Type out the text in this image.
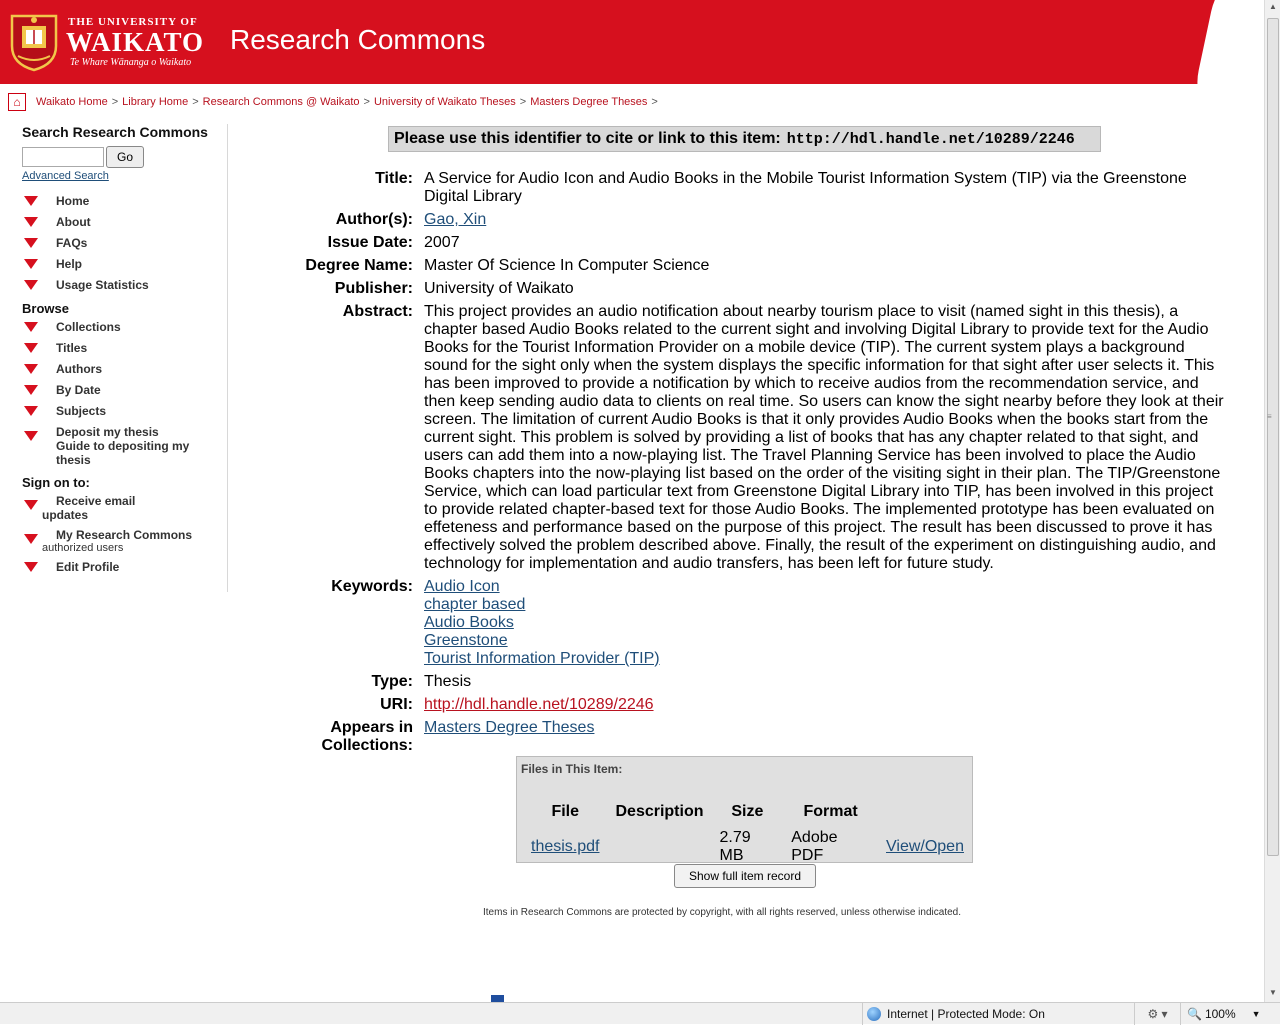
THE UNIVERSITY OF
WAIKATO
Te Whare Wānanga o Waikato
Research Commons
▲
≡
▼
⌂	Waikato Home > Library Home > Research Commons @ Waikato > University of Waikato Theses > Masters Degree Theses >
Search Research Commons
Go
Advanced Search
Home
About
FAQs
Help
Usage Statistics
Browse
Collections
Titles
Authors
By Date
Subjects
Deposit my thesis
Guide to depositing my thesis
Sign on to:
Receive email
updates
My Research Commons
authorized users
Edit Profile
Please use this identifier to cite or link to this item: http://hdl.handle.net/10289/2246
Title: A Service for Audio Icon and Audio Books in the Mobile Tourist Information System (TIP) via the Greenstone Digital Library
Author(s): Gao, Xin
Issue Date: 2007
Degree Name: Master Of Science In Computer Science
Publisher: University of Waikato
Abstract: This project provides an audio notification about nearby tourism place to visit (named sight in this thesis), a chapter based Audio Books related to the current sight and involving Digital Library to provide text for the Audio Books for the Tourist Information Provider on a mobile device (TIP). The current system plays a background sound for the sight only when the system displays the specific information for that sight after user selects it. This has been improved to provide a notification by which to receive audios from the recommendation service, and then keep sending audio data to clients on real time. So users can know the sight nearby before they look at their screen. The limitation of current Audio Books is that it only provides Audio Books when the books start from the current sight. This problem is solved by providing a list of books that has any chapter related to that sight, and users can add them into a now-playing list. The Travel Planning Service has been involved to place the Audio Books chapters into the now-playing list based on the order of the visiting sight in their plan. The TIP/Greenstone Service, which can load particular text from Greenstone Digital Library into TIP, has been involved in this project to provide related chapter-based text for those Audio Books. The implemented prototype has been evaluated on effeteness and performance based on the purpose of this project. The result has been discussed to prove it has effectively solved the problem described above. Finally, the result of the experiment on distinguishing audio, and technology for implementation and audio transfers, has been left for future study.
Keywords: Audio Icon
chapter based
Audio Books
Greenstone
Tourist Information Provider (TIP)
Type: Thesis
URI: http://hdl.handle.net/10289/2246
Appears in Collections:
Masters Degree Theses
Files in This Item:
File	Description	Size	Format	
thesis.pdf		2.79 MB	Adobe PDF	View/Open
Show full item record
Items in Research Commons are protected by copyright, with all rights reserved, unless otherwise indicated.
Internet | Protected Mode: On	⚙ ▾ 🔍 100% ▼
